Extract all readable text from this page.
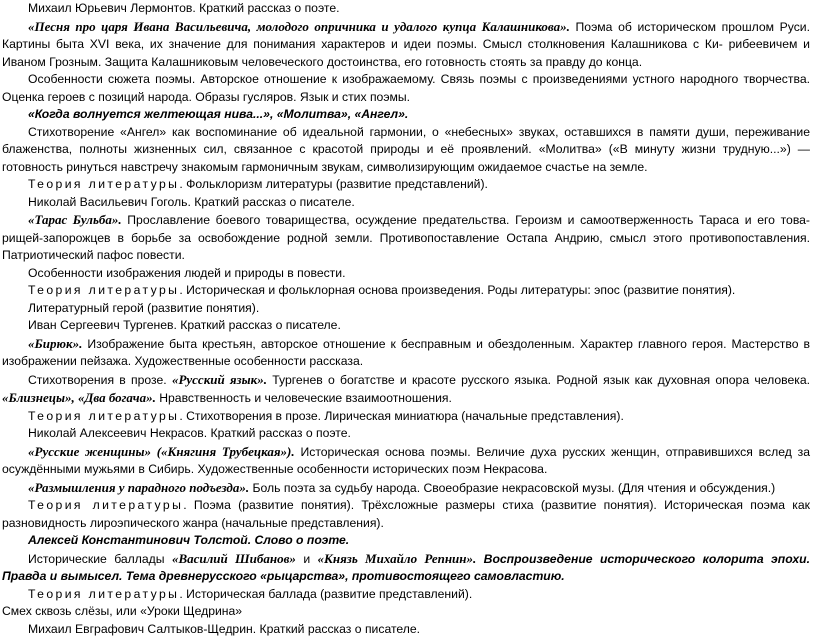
Михаил Юрьевич Лермонтов. Краткий рассказ о поэте.

«Песня про царя Ивана Васильевича, молодого опричника и удалого купца Калашникова». Поэма об историческом прошлом Руси. Картины быта XVI века, их значение для понимания характеров и идеи поэмы. Смысл столкновения Калашникова с Ки- рибеевичем и Иваном Грозным. Защита Калашниковым человеческого достоинства, его готовность стоять за правду до конца.

Особенности сюжета поэмы. Авторское отношение к изображаемому. Связь поэмы с произведениями устного народного творчества. Оценка героев с позиций народа. Образы гусляров. Язык и стих поэмы.

«Когда волнуется желтеющая нива...», «Молитва», «Ангел».

Стихотворение «Ангел» как воспоминание об идеальной гармонии, о «небесных» звуках, оставшихся в памяти души, переживание блаженства, полноты жизненных сил, связанное с красотой природы и её проявлений. «Молитва» («В минуту жизни трудную...») — готовность ринуться навстречу знакомым гармоничным звукам, символизирующим ожидаемое счастье на земле.

Теория литературы. Фольклоризм литературы (развитие представлений).

Николай Васильевич Гоголь. Краткий рассказ о писателе.

«Тарас Бульба». Прославление боевого товарищества, осуждение предательства. Героизм и самоотверженность Тараса и его това- рищей-запорожцев в борьбе за освобождение родной земли. Противопоставление Остапа Андрию, смысл этого противопоставления. Патриотический пафос повести.

Особенности изображения людей и природы в повести.

Теория литературы. Историческая и фольклорная основа произведения. Роды литературы: эпос (развитие понятия).

Литературный герой (развитие понятия).

Иван Сергеевич Тургенев. Краткий рассказ о писателе.

«Бирюк». Изображение быта крестьян, авторское отношение к бесправным и обездоленным. Характер главного героя. Мастерство в изображении пейзажа. Художественные особенности рассказа.

Стихотворения в прозе. «Русский язык». Тургенев о богатстве и красоте русского языка. Родной язык как духовная опора человека. «Близнецы», «Два богача». Нравственность и человеческие взаимоотношения.

Теория литературы. Стихотворения в прозе. Лирическая миниатюра (начальные представления).

Николай Алексеевич Некрасов. Краткий рассказ о поэте.

«Русские женщины» («Княгиня Трубецкая»). Историческая основа поэмы. Величие духа русских женщин, отправившихся вслед за осуждёнными мужьями в Сибирь. Художественные особенности исторических поэм Некрасова.

«Размышления у парадного подъезда». Боль поэта за судьбу народа. Своеобразие некрасовской музы. (Для чтения и обсуждения.)

Теория литературы. Поэма (развитие понятия). Трёхсложные размеры стиха (развитие понятия). Историческая поэма как разновидность лироэпического жанра (начальные представления).

Алексей Константинович Толстой. Слово о поэте.

Исторические баллады «Василий Шибанов» и «Князь Михайло Репнин». Воспроизведение исторического колорита эпохи. Правда и вымысел. Тема древнерусского «рыцарства», противостоящего самовластию.

Теория литературы. Историческая баллада (развитие представлений).

Смех сквозь слёзы, или «Уроки Щедрина»

Михаил Евграфович Салтыков-Щедрин. Краткий рассказ о писателе.
